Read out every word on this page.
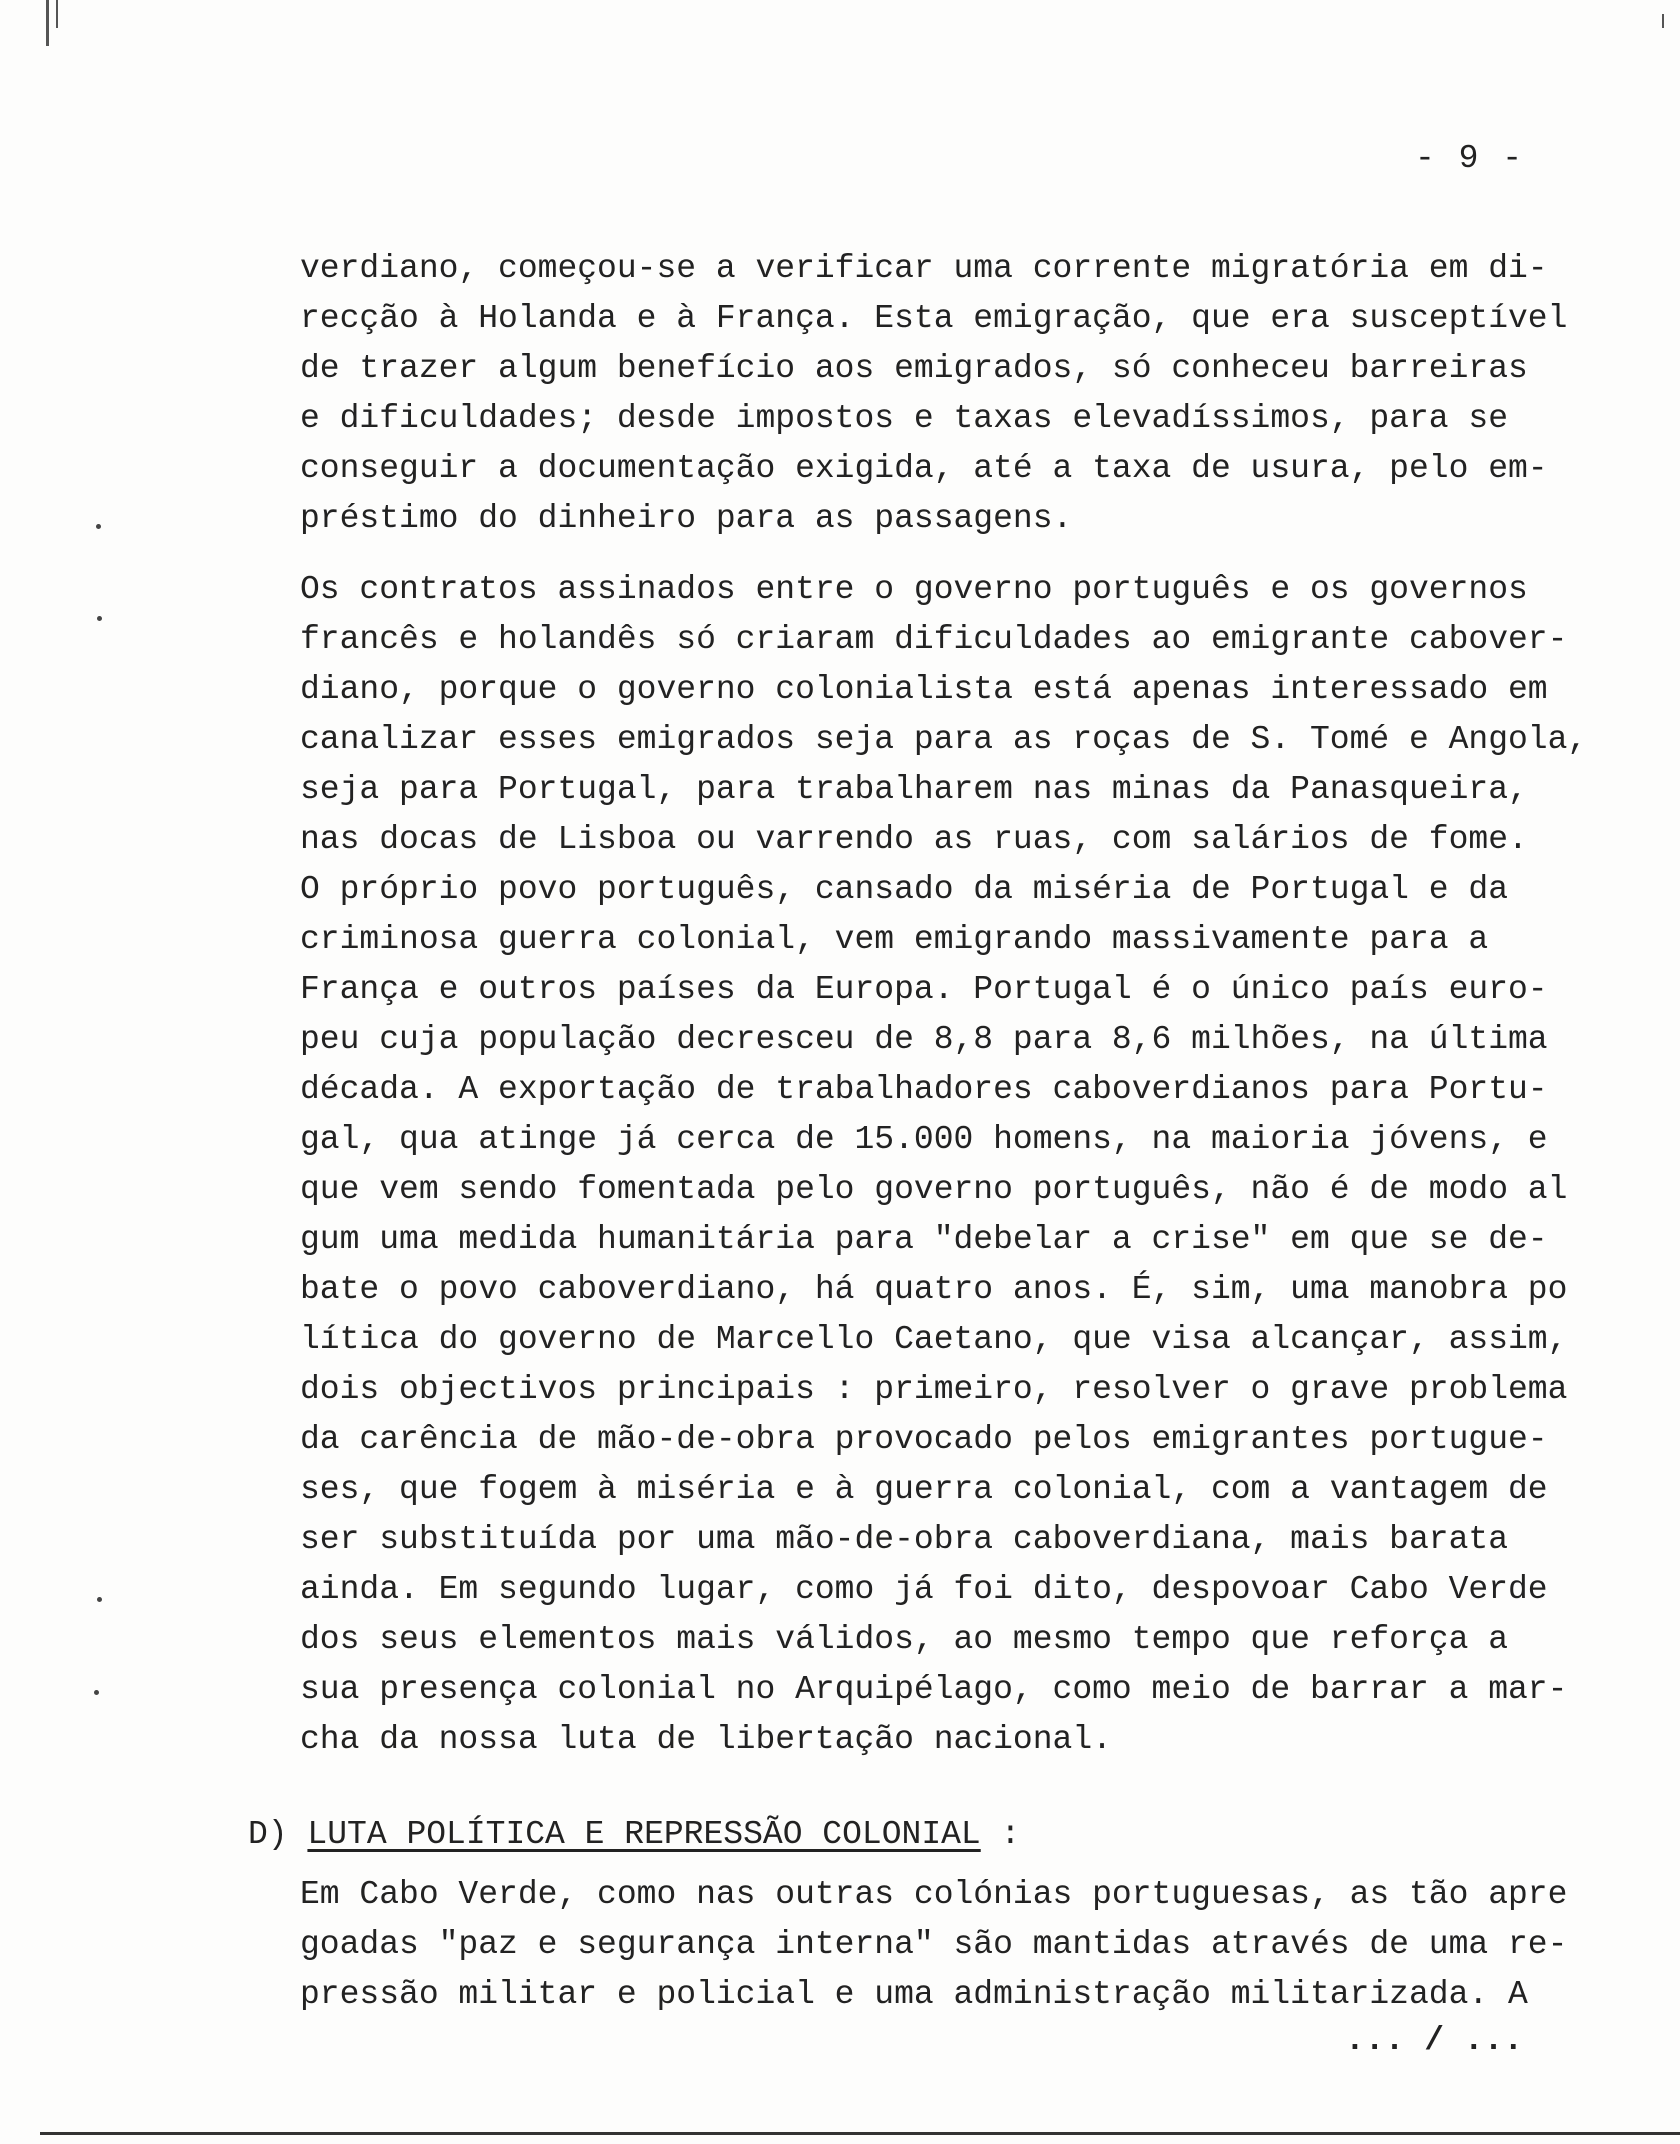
- 9 -
verdiano, começou-se a verificar uma corrente migratória em di-
recção à Holanda e à França. Esta emigração, que era susceptível
de trazer algum benefício aos emigrados, só conheceu barreiras
e dificuldades; desde impostos e taxas elevadíssimos, para se
conseguir a documentação exigida, até a taxa de usura, pelo em-
préstimo do dinheiro para as passagens.
Os contratos assinados entre o governo português e os governos
francês e holandês só criaram dificuldades ao emigrante cabover-
diano, porque o governo colonialista está apenas interessado em
canalizar esses emigrados seja para as roças de S. Tomé e Angola,
seja para Portugal, para trabalharem nas minas da Panasqueira,
nas docas de Lisboa ou varrendo as ruas, com salários de fome.
O próprio povo português, cansado da miséria de Portugal e da
criminosa guerra colonial, vem emigrando massivamente para a
França e outros países da Europa. Portugal é o único país euro-
peu cuja população decresceu de 8,8 para 8,6 milhões, na última
década. A exportação de trabalhadores caboverdianos para Portu-
gal, qua atinge já cerca de 15.000 homens, na maioria jóvens, e
que vem sendo fomentada pelo governo português, não é de modo al
gum uma medida humanitária para "debelar a crise" em que se de-
bate o povo caboverdiano, há quatro anos. É, sim, uma manobra po
lítica do governo de Marcello Caetano, que visa alcançar, assim,
dois objectivos principais : primeiro, resolver o grave problema
da carência de mão-de-obra provocado pelos emigrantes portugue-
ses, que fogem à miséria e à guerra colonial, com a vantagem de
ser substituída por uma mão-de-obra caboverdiana, mais barata
ainda. Em segundo lugar, como já foi dito, despovoar Cabo Verde
dos seus elementos mais válidos, ao mesmo tempo que reforça a
sua presença colonial no Arquipélago, como meio de barrar a mar-
cha da nossa luta de libertação nacional.
D) LUTA POLÍTICA E REPRESSÃO COLONIAL :
Em Cabo Verde, como nas outras colónias portuguesas, as tão apre
goadas "paz e segurança interna" são mantidas através de uma re-
pressão militar e policial e uma administração militarizada. A
... / ...
